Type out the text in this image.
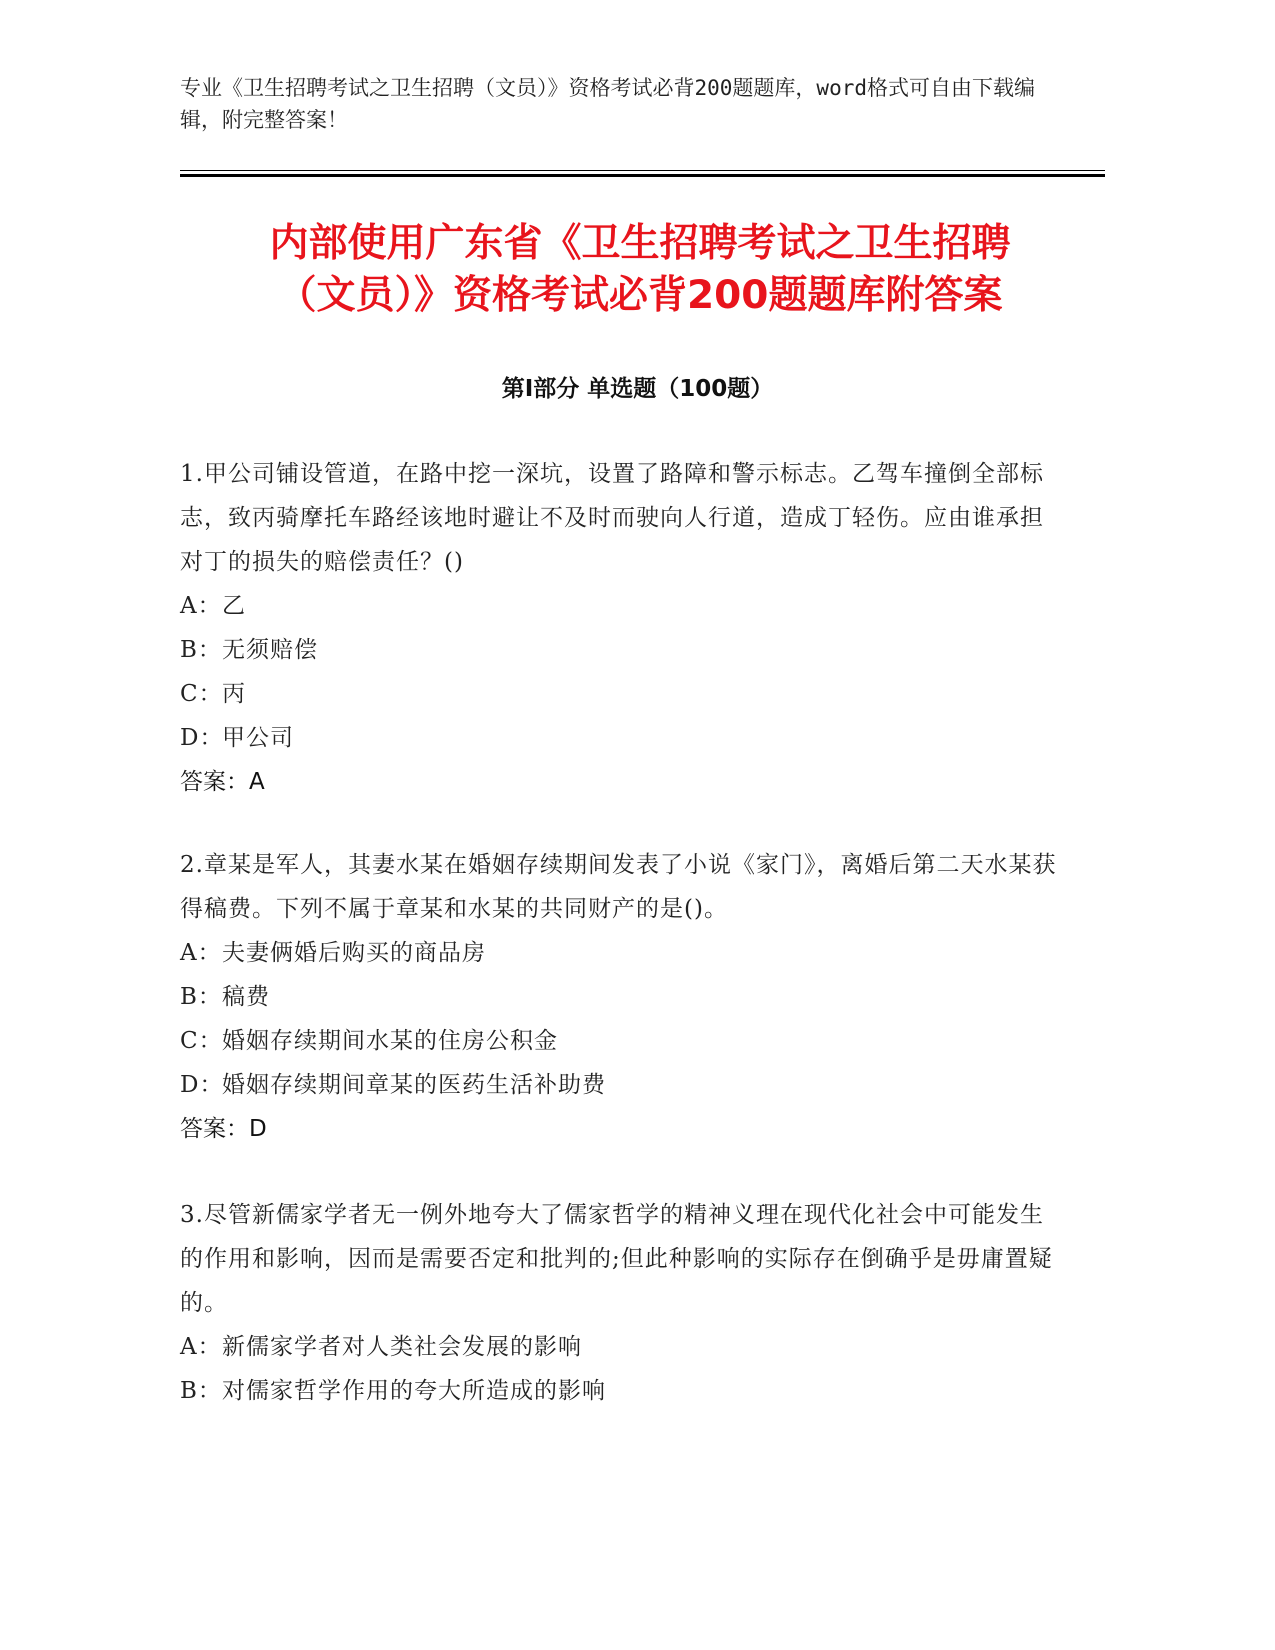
专业《卫生招聘考试之卫生招聘（文员）》资格考试必背200题题库，word格式可自由下载编辑，附完整答案！
内部使用广东省《卫生招聘考试之卫生招聘
（文员）》资格考试必背200题题库附答案
第Ⅰ部分 单选题（100题）

1.甲公司铺设管道，在路中挖一深坑，设置了路障和警示标志。乙驾车撞倒全部标志，致丙骑摩托车路经该地时避让不及时而驶向人行道，造成丁轻伤。应由谁承担对丁的损失的赔偿责任？()

A：乙

B：无须赔偿

C：丙

D：甲公司

答案：A

2.章某是军人，其妻水某在婚姻存续期间发表了小说《家门》，离婚后第二天水某获得稿费。下列不属于章某和水某的共同财产的是()。

A：夫妻俩婚后购买的商品房

B：稿费

C：婚姻存续期间水某的住房公积金

D：婚姻存续期间章某的医药生活补助费

答案：D

3.尽管新儒家学者无一例外地夸大了儒家哲学的精神义理在现代化社会中可能发生的作用和影响，因而是需要否定和批判的;但此种影响的实际存在倒确乎是毋庸置疑的。

A：新儒家学者对人类社会发展的影响

B：对儒家哲学作用的夸大所造成的影响
